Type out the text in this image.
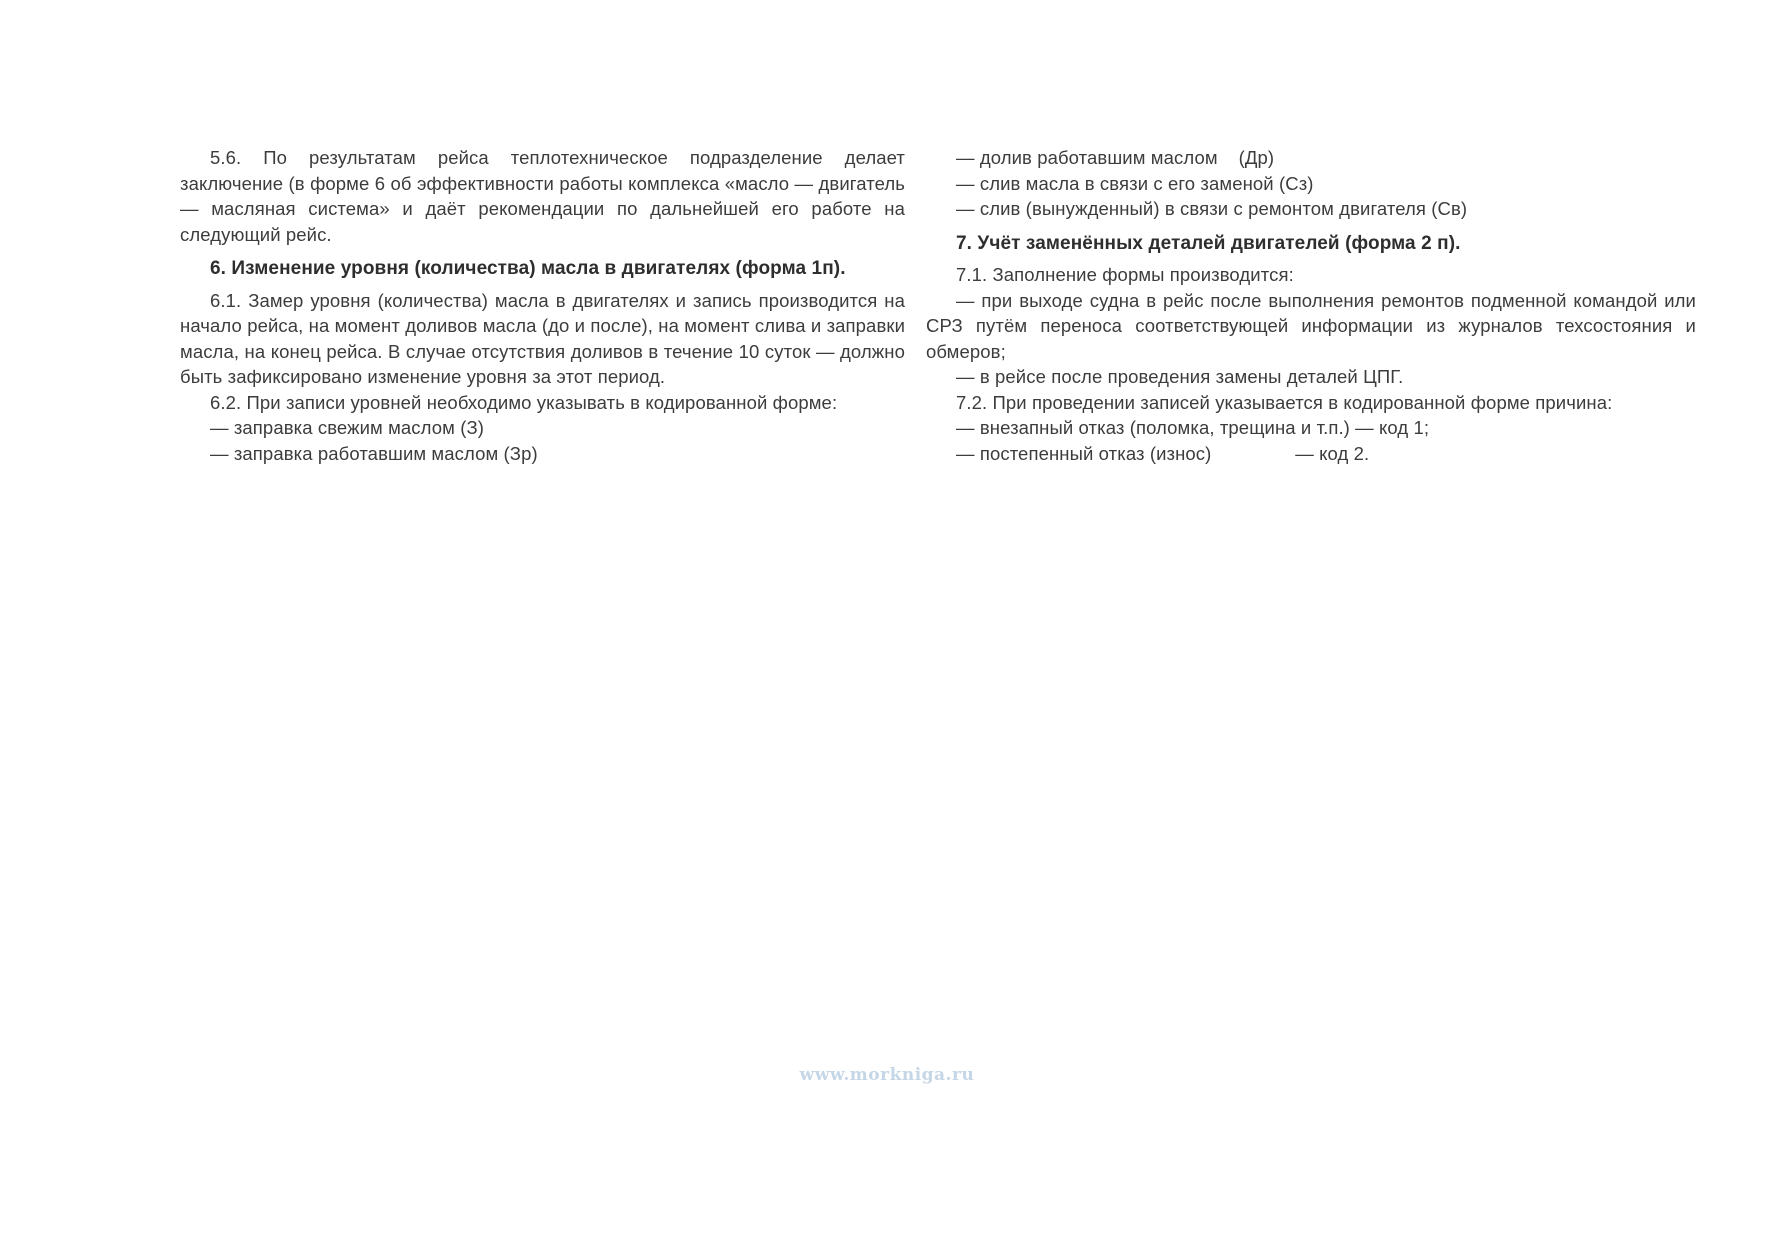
5.6. По результатам рейса теплотехническое подразделение делает заключение (в форме 6 об эффективности работы комплекса «масло — двигатель — масляная система» и даёт рекомендации по дальнейшей его работе на следующий рейс.

6. Изменение уровня (количества) масла в двигателях (форма 1п).

6.1. Замер уровня (количества) масла в двигателях и запись производится на начало рейса, на момент доливов масла (до и после), на момент слива и заправки масла, на конец рейса. В случае отсутствия доливов в течение 10 суток — должно быть зафиксировано изменение уровня за этот период.

6.2. При записи уровней необходимо указывать в кодированной форме:

— заправка свежим маслом (З)

— заправка работавшим маслом (Зр)

— долив работавшим маслом    (Др)

— слив масла в связи с его заменой (Сз)

— слив (вынужденный) в связи с ремонтом двигателя (Св)

7. Учёт заменённых деталей двигателей (форма 2 п).

7.1. Заполнение формы производится:

— при выходе судна в рейс после выполнения ремонтов подменной командой или СРЗ путём переноса соответствующей информации из журналов техсостояния и обмеров;

— в рейсе после проведения замены деталей ЦПГ.

7.2. При проведении записей указывается в кодированной форме причина:

— внезапный отказ (поломка, трещина и т.п.) — код 1;

— постепенный отказ (износ)                — код 2.

www.morkniga.ru
